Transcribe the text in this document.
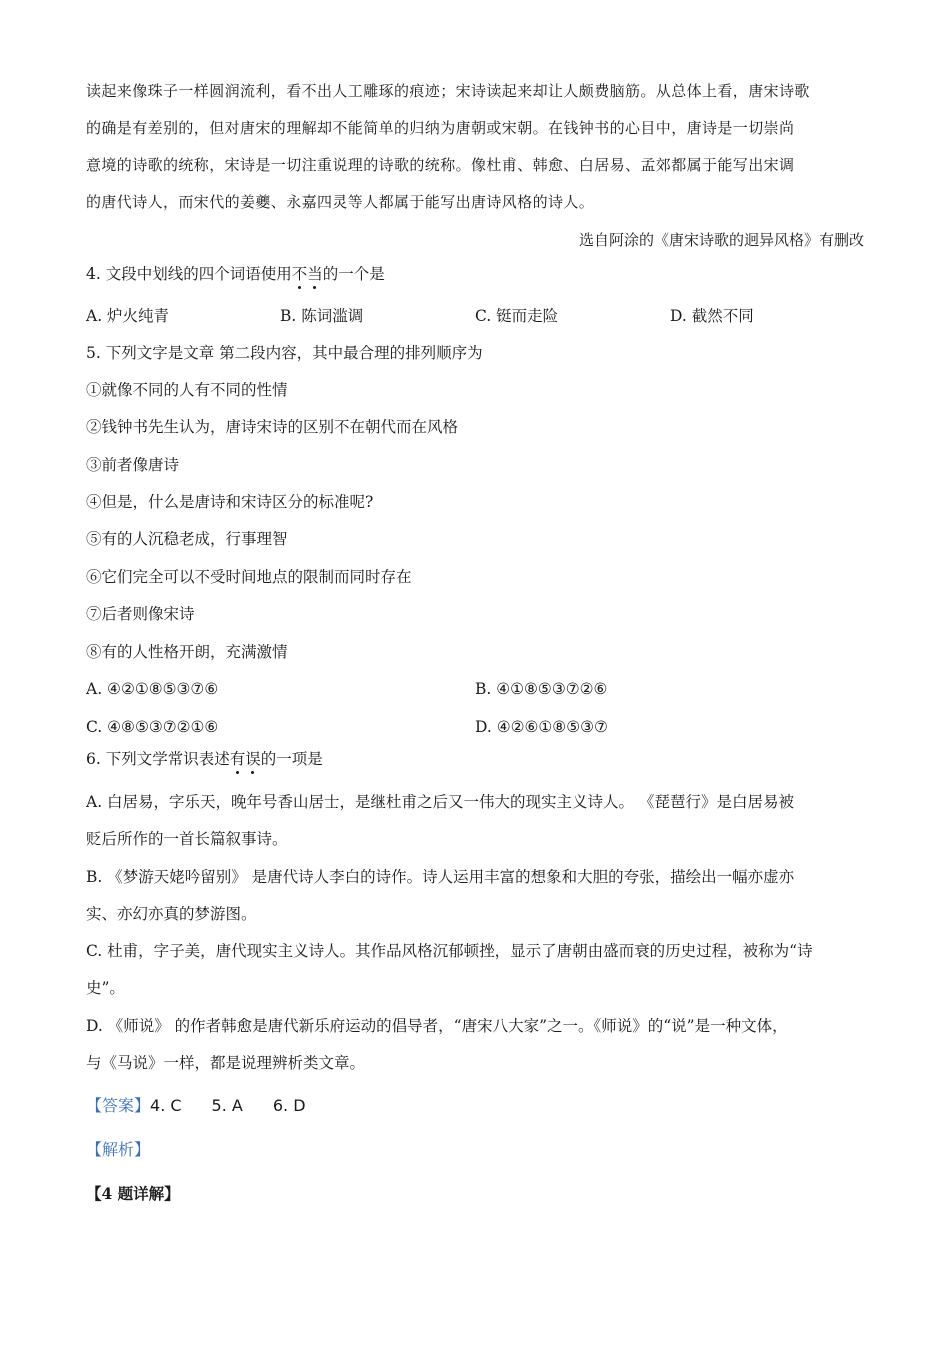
读起来像珠子一样圆润流利，看不出人工雕琢的痕迹；宋诗读起来却让人颇费脑筋。从总体上看，唐宋诗歌
的确是有差别的，但对唐宋的理解却不能简单的归纳为唐朝或宋朝。在钱钟书的心目中，唐诗是一切崇尚
意境的诗歌的统称，宋诗是一切注重说理的诗歌的统称。像杜甫、韩愈、白居易、孟郊都属于能写出宋调
的唐代诗人，而宋代的姜夔、永嘉四灵等人都属于能写出唐诗风格的诗人。
选自阿涂的《唐宋诗歌的迥异风格》有删改
4. 文段中划线的四个词语使用不当的一个是
A. 炉火纯青	B. 陈词滥调	C. 铤而走险	D. 截然不同
5. 下列文字是文章 第二段内容，其中最合理的排列顺序为
①就像不同的人有不同的性情
②钱钟书先生认为，唐诗宋诗的区别不在朝代而在风格
③前者像唐诗
④但是，什么是唐诗和宋诗区分的标准呢?
⑤有的人沉稳老成，行事理智
⑥它们完全可以不受时间地点的限制而同时存在
⑦后者则像宋诗
⑧有的人性格开朗，充满激情
A. ④②①⑧⑤③⑦⑥	B. ④①⑧⑤③⑦②⑥
C. ④⑧⑤③⑦②①⑥	D. ④②⑥①⑧⑤③⑦
6. 下列文学常识表述有误的一项是
A. 白居易，字乐天，晚年号香山居士，是继杜甫之后又一伟大的现实主义诗人。 《琵琶行》是白居易被
贬后所作的一首长篇叙事诗。
B. 《梦游天姥吟留别》 是唐代诗人李白的诗作。诗人运用丰富的想象和大胆的夸张，描绘出一幅亦虚亦
实、亦幻亦真的梦游图。
C. 杜甫，字子美，唐代现实主义诗人。其作品风格沉郁顿挫，显示了唐朝由盛而衰的历史过程，被称为“诗
史”。
D. 《师说》 的作者韩愈是唐代新乐府运动的倡导者，“唐宋八大家”之一。《师说》的“说”是一种文体，
与《马说》一样，都是说理辨析类文章。
【答案】4. C 5. A 6. D
【解析】
【4 题详解】
